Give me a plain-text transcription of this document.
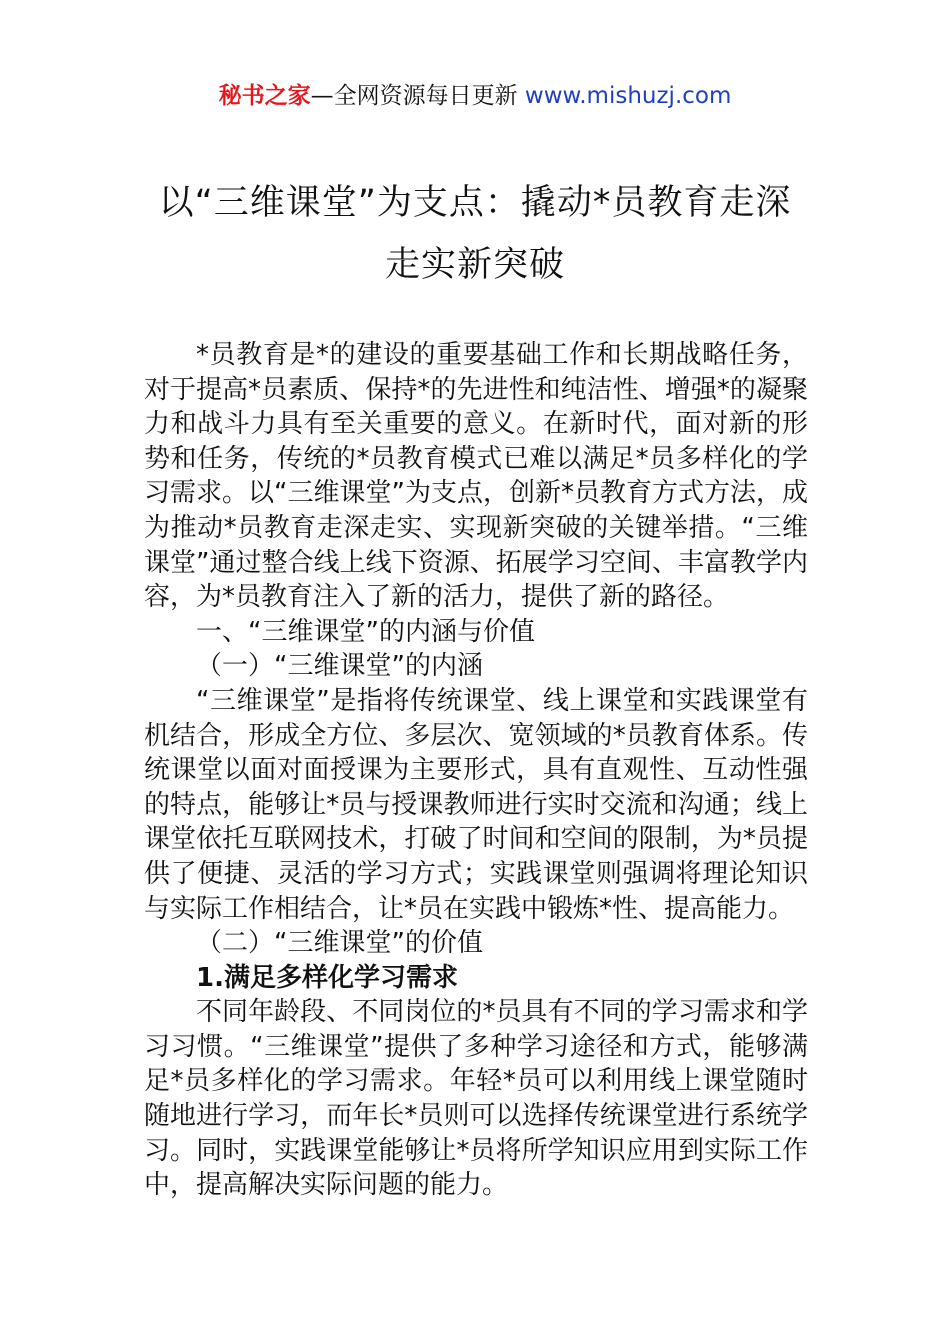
秘书之家—全网资源每日更新 www.mishuzj.com
以“三维课堂”为支点：撬动*员教育走深
走实新突破

*员教育是*的建设的重要基础工作和长期战略任务，对于提高*员素质、保持*的先进性和纯洁性、增强*的凝聚力和战斗力具有至关重要的意义。在新时代，面对新的形势和任务，传统的*员教育模式已难以满足*员多样化的学习需求。以“三维课堂”为支点，创新*员教育方式方法，成为推动*员教育走深走实、实现新突破的关键举措。“三维课堂”通过整合线上线下资源、拓展学习空间、丰富教学内容，为*员教育注入了新的活力，提供了新的路径。

一、“三维课堂”的内涵与价值

（一）“三维课堂”的内涵

“三维课堂”是指将传统课堂、线上课堂和实践课堂有机结合，形成全方位、多层次、宽领域的*员教育体系。传统课堂以面对面授课为主要形式，具有直观性、互动性强的特点，能够让*员与授课教师进行实时交流和沟通；线上课堂依托互联网技术，打破了时间和空间的限制，为*员提供了便捷、灵活的学习方式；实践课堂则强调将理论知识与实际工作相结合，让*员在实践中锻炼*性、提高能力。

（二）“三维课堂”的价值

1.满足多样化学习需求

不同年龄段、不同岗位的*员具有不同的学习需求和学习习惯。“三维课堂”提供了多种学习途径和方式，能够满足*员多样化的学习需求。年轻*员可以利用线上课堂随时随地进行学习，而年长*员则可以选择传统课堂进行系统学习。同时，实践课堂能够让*员将所学知识应用到实际工作中，提高解决实际问题的能力。
